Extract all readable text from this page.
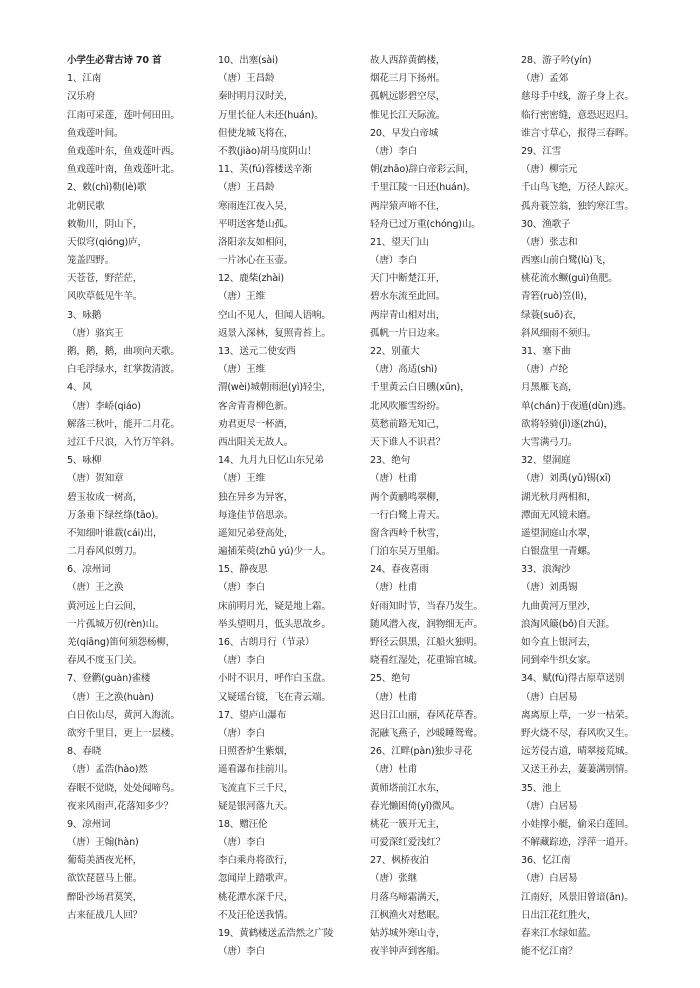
小学生必背古诗 70 首
1、江南
汉乐府
江南可采莲，莲叶何田田。
鱼戏莲叶间。
鱼戏莲叶东，鱼戏莲叶西。
鱼戏莲叶南，鱼戏莲叶北。
2、敕(chì)勒(lè)歌
北朝民歌
敕勒川，阴山下，
天似穹(qióng)庐，
笼盖四野。
天苍苍，野茫茫，
风吹草低见牛羊。
3、咏鹅
（唐）骆宾王
鹅，鹅，鹅，曲项向天歌。
白毛浮绿水，红掌拨清波。
4、风
（唐）李峤(qiáo)
解落三秋叶，能开二月花。
过江千尺浪，入竹万竿斜。
5、咏柳
（唐）贺知章
碧玉妆成一树高，
万条垂下绿丝绦(tāo)。
不知细叶谁裁(cái)出，
二月春风似剪刀。
6、凉州词
（唐）王之涣
黄河远上白云间，
一片孤城万仞(rèn)山。
羌(qiāng)笛何须怨杨柳，
春风不度玉门关。
7、登鹳(guàn)雀楼
（唐）王之涣(huàn)
白日依山尽，黄河入海流。
欲穷千里目，更上一层楼。
8、春晓
（唐）孟浩(hào)然
春眠不觉晓，处处闻啼鸟。
夜来风雨声,花落知多少？
9、凉州词
（唐）王翰(hàn)
葡萄美酒夜光杯，
欲饮琵琶马上催。
醉卧沙场君莫笑，
古来征战几人回？
10、出塞(sài)
（唐）王昌龄
秦时明月汉时关，
万里长征人未还(huán)。
但使龙城飞将在，
不教(jiào)胡马度阴山！
11、芙(fú)蓉楼送辛渐
（唐）王昌龄
寒雨连江夜入吴，
平明送客楚山孤。
洛阳亲友如相问，
一片冰心在玉壶。
12、鹿柴(zhài)
（唐）王维
空山不见人，但闻人语响。
返景入深林，复照青苔上。
13、送元二使安西
（唐）王维
渭(wèi)城朝雨浥(yì)轻尘，
客舍青青柳色新。
劝君更尽一杯酒，
西出阳关无故人。
14、九月九日忆山东兄弟
（唐）王维
独在异乡为异客，
每逢佳节倍思亲。
遥知兄弟登高处，
遍插茱萸(zhū yú)少一人。
15、静夜思
（唐）李白
床前明月光，疑是地上霜。
举头望明月，低头思故乡。
16、古朗月行（节录）
（唐）李白
小时不识月，呼作白玉盘。
又疑瑶台镜，飞在青云端。
17、望庐山瀑布
（唐）李白
日照香炉生紫烟，
遥看瀑布挂前川。
飞流直下三千尺，
疑是银河落九天。
18、赠汪伦
（唐）李白
李白乘舟将欲行，
忽闻岸上踏歌声。
桃花潭水深千尺，
不及汪伦送我情。
19、黄鹤楼送孟浩然之广陵
（唐）李白
故人西辞黄鹤楼，
烟花三月下扬州。
孤帆远影碧空尽，
惟见长江天际流。
20、早发白帝城
（唐）李白
朝(zhāo)辞白帝彩云间，
千里江陵一日还(huán)。
两岸猿声啼不住，
轻舟已过万重(chóng)山。
21、望天门山
（唐）李白
天门中断楚江开，
碧水东流至此回。
两岸青山相对出，
孤帆一片日边来。
22、别董大
（唐）高适(shì)
千里黄云白日曛(xūn)，
北风吹雁雪纷纷。
莫愁前路无知己，
天下谁人不识君？
23、绝句
（唐）杜甫
两个黄鹂鸣翠柳，
一行白鹭上青天。
窗含西岭千秋雪，
门泊东吴万里船。
24、春夜喜雨
（唐）杜甫
好雨知时节，当春乃发生。
随风潜入夜，润物细无声。
野径云俱黑，江船火独明。
晓看红湿处，花重锦官城。
25、绝句
（唐）杜甫
迟日江山丽，春风花草香。
泥融飞燕子，沙暖睡鸳鸯。
26、江畔(pàn)独步寻花
（唐）杜甫
黄师塔前江水东，
春光懒困倚(yǐ)微风。
桃花一簇开无主，
可爱深红爱浅红？
27、枫桥夜泊
（唐）张继
月落乌啼霜满天，
江枫渔火对愁眠。
姑苏城外寒山寺，
夜半钟声到客船。
28、游子吟(yín)
（唐）孟郊
慈母手中线，游子身上衣。
临行密密缝，意恐迟迟归。
谁言寸草心，报得三春晖。
29、江雪
（唐）柳宗元
千山鸟飞绝，万径人踪灭。
孤舟蓑笠翁，独钓寒江雪。
30、渔歌子
（唐）张志和
西塞山前白鹭(lù)飞，
桃花流水鳜(guì)鱼肥。
青箬(ruò)笠(lì)，
绿蓑(suō)衣，
斜风细雨不须归。
31、塞下曲
（唐）卢纶
月黑雁飞高，
单(chán)于夜遁(dùn)逃。
欲将轻骑(jì)逐(zhú)，
大雪满弓刀。
32、望洞庭
（唐）刘禹(yǔ)锡(xī)
湖光秋月两相和，
潭面无风镜未磨。
遥望洞庭山水翠，
白银盘里一青螺。
33、浪淘沙
（唐）刘禹锡
九曲黄河万里沙，
浪淘风簸(bǒ)自天涯。
如今直上银河去，
同到牵牛织女家。
34、赋(fù)得古原草送别
（唐）白居易
离离原上草，一岁一枯荣。
野火烧不尽，春风吹又生。
远芳侵古道，晴翠接荒城。
又送王孙去，萋萋满别情。
35、池上
（唐）白居易
小娃撑小艇，偷采白莲回。
不解藏踪迹，浮萍一道开。
36、忆江南
（唐）白居易
江南好，风景旧曾谙(ān)。
日出江花红胜火，
春来江水绿如蓝。
能不忆江南？
